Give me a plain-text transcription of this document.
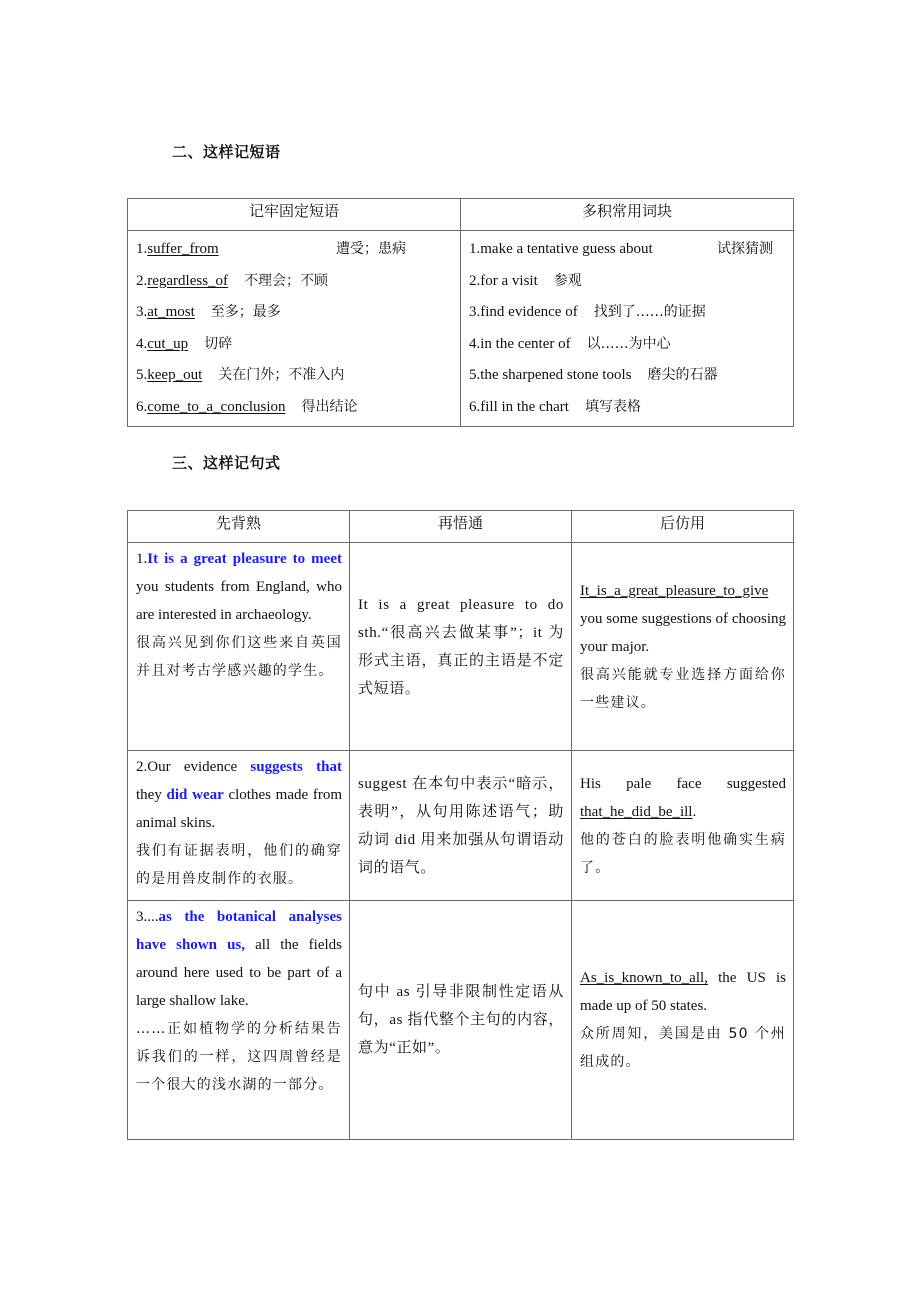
二、这样记短语
记牢固定短语	多积常用词块

1.suffer_from	遭受；患病
2.regardless_of 不理会；不顾
3.at_most 至多；最多
4.cut_up 切碎
5.keep_out 关在门外；不准入内
6.come_to_a_conclusion 得出结论

1.make a tentative guess about	试探猜测
2.for a visit 参观
3.find evidence of 找到了……的证据
4.in the center of 以……为中心
5.the sharpened stone tools 磨尖的石器
6.fill in the chart 填写表格
三、这样记句式
先背熟	再悟通	后仿用

1.It is a great pleasure to meet you students from England, who are interested in archaeology.
很高兴见到你们这些来自英国并且对考古学感兴趣的学生。	It is a great pleasure to do sth.“很高兴去做某事”；it 为形式主语，真正的主语是不定式短语。	It_is_a_great_pleasure_to_give you some suggestions of choosing your major.
很高兴能就专业选择方面给你一些建议。

2.Our evidence suggests that they did wear clothes made from animal skins.
我们有证据表明，他们的确穿的是用兽皮制作的衣服。	suggest 在本句中表示“暗示，表明”，从句用陈述语气；助动词 did 用来加强从句谓语动词的语气。	His pale face suggested that_he_did_be_ill.
他的苍白的脸表明他确实生病了。

3....as the botanical analyses have shown us, all the fields around here used to be part of a large shallow lake.
……正如植物学的分析结果告诉我们的一样，这四周曾经是一个很大的浅水湖的一部分。	句中 as 引导非限制性定语从句，as 指代整个主句的内容，意为“正如”。	As_is_known_to_all, the US is made up of 50 states.
众所周知，美国是由 50 个州组成的。
